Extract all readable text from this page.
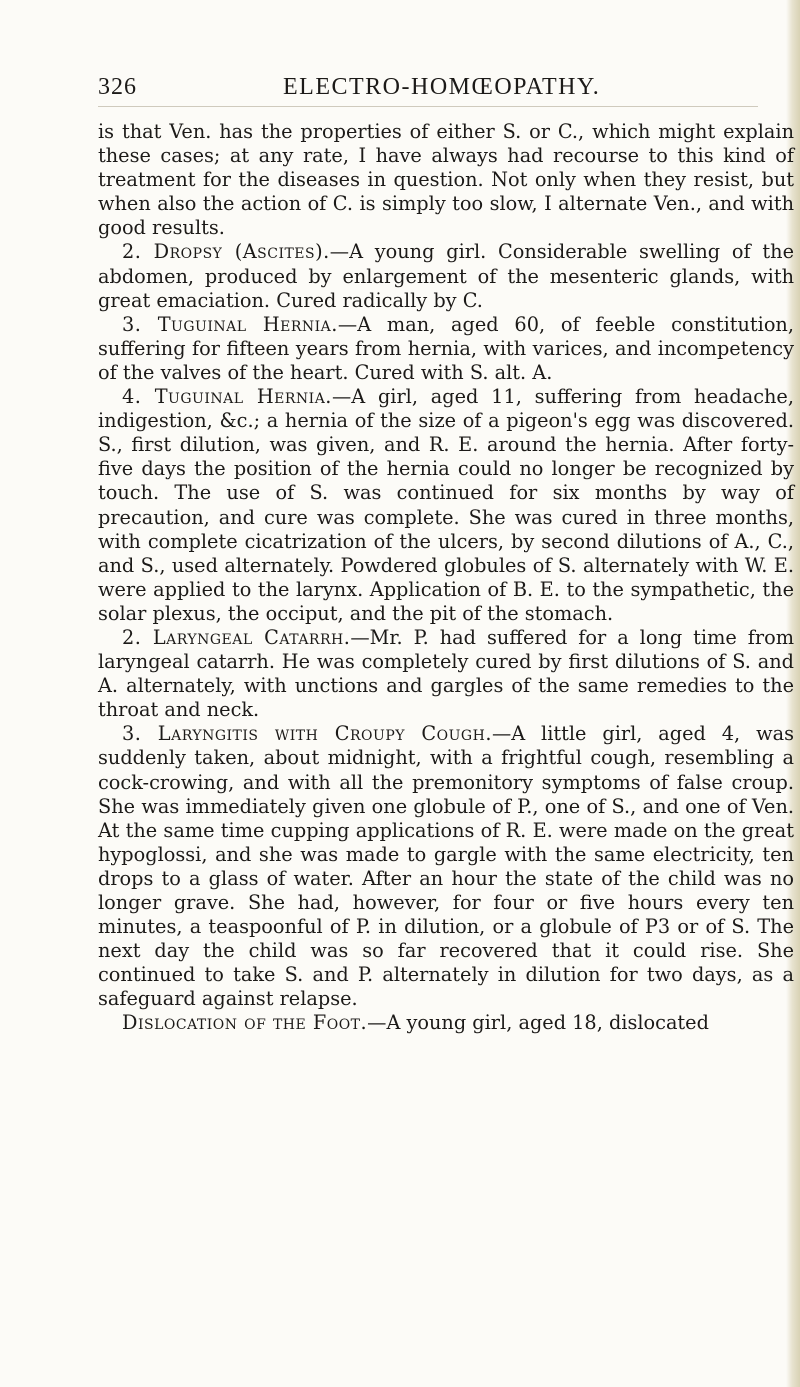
326	ELECTRO-HOMŒOPATHY.

is that Ven. has the properties of either S. or C., which might explain these cases; at any rate, I have always had recourse to this kind of treatment for the diseases in question. Not only when they resist, but when also the action of C. is simply too slow, I alternate Ven., and with good results.

2. Dropsy (Ascites).—A young girl. Considerable swelling of the abdomen, produced by enlargement of the mesenteric glands, with great emaciation. Cured radically by C.

3. Tuguinal Hernia.—A man, aged 60, of feeble constitution, suffering for fifteen years from hernia, with varices, and incompetency of the valves of the heart. Cured with S. alt. A.

4. Tuguinal Hernia.—A girl, aged 11, suffering from headache, indigestion, &c.; a hernia of the size of a pigeon's egg was discovered. S., first dilution, was given, and R. E. around the hernia. After forty-five days the position of the hernia could no longer be recognized by touch. The use of S. was continued for six months by way of precaution, and cure was complete. She was cured in three months, with complete cicatrization of the ulcers, by second dilutions of A., C., and S., used alternately. Powdered globules of S. alternately with W. E. were applied to the larynx. Application of B. E. to the sympathetic, the solar plexus, the occiput, and the pit of the stomach.

2. Laryngeal Catarrh.—Mr. P. had suffered for a long time from laryngeal catarrh. He was completely cured by first dilutions of S. and A. alternately, with unctions and gargles of the same remedies to the throat and neck.

3. Laryngitis with Croupy Cough.—A little girl, aged 4, was suddenly taken, about midnight, with a frightful cough, resembling a cock-crowing, and with all the premonitory symptoms of false croup. She was immediately given one globule of P., one of S., and one of Ven. At the same time cupping applications of R. E. were made on the great hypoglossi, and she was made to gargle with the same electricity, ten drops to a glass of water. After an hour the state of the child was no longer grave. She had, however, for four or five hours every ten minutes, a teaspoonful of P. in dilution, or a globule of P3 or of S. The next day the child was so far recovered that it could rise. She continued to take S. and P. alternately in dilution for two days, as a safeguard against relapse.

Dislocation of the Foot.—A young girl, aged 18, dislocated
